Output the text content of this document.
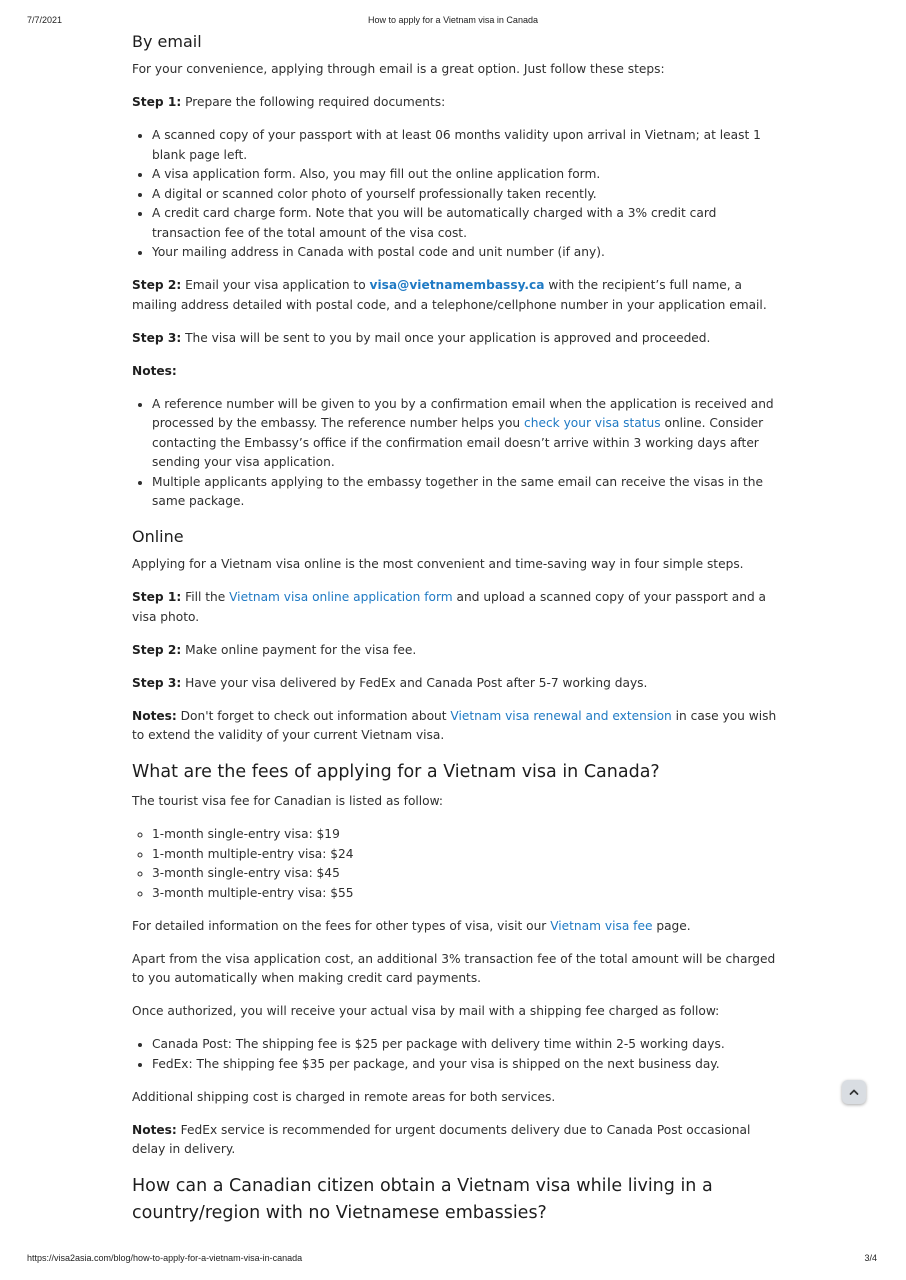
7/7/2021	How to apply for a Vietnam visa in Canada
By email

For your convenience, applying through email is a great option. Just follow these steps:

Step 1: Prepare the following required documents:

• A scanned copy of your passport with at least 06 months validity upon arrival in Vietnam; at least 1 blank page left.
• A visa application form. Also, you may fill out the online application form.
• A digital or scanned color photo of yourself professionally taken recently.
• A credit card charge form. Note that you will be automatically charged with a 3% credit card transaction fee of the total amount of the visa cost.
• Your mailing address in Canada with postal code and unit number (if any).

Step 2: Email your visa application to visa@vietnamembassy.ca with the recipient’s full name, a mailing address detailed with postal code, and a telephone/cellphone number in your application email.

Step 3: The visa will be sent to you by mail once your application is approved and proceeded.

Notes:

• A reference number will be given to you by a confirmation email when the application is received and processed by the embassy. The reference number helps you check your visa status online. Consider contacting the Embassy’s office if the confirmation email doesn’t arrive within 3 working days after sending your visa application.
• Multiple applicants applying to the embassy together in the same email can receive the visas in the same package.
Online

Applying for a Vietnam visa online is the most convenient and time-saving way in four simple steps.

Step 1: Fill the Vietnam visa online application form and upload a scanned copy of your passport and a visa photo.

Step 2: Make online payment for the visa fee.

Step 3: Have your visa delivered by FedEx and Canada Post after 5-7 working days.

Notes: Don't forget to check out information about Vietnam visa renewal and extension in case you wish to extend the validity of your current Vietnam visa.

What are the fees of applying for a Vietnam visa in Canada?

The tourist visa fee for Canadian is listed as follow:

◦ 1-month single-entry visa: $19
◦ 1-month multiple-entry visa: $24
◦ 3-month single-entry visa: $45
◦ 3-month multiple-entry visa: $55

For detailed information on the fees for other types of visa, visit our Vietnam visa fee page.

Apart from the visa application cost, an additional 3% transaction fee of the total amount will be charged to you automatically when making credit card payments.

Once authorized, you will receive your actual visa by mail with a shipping fee charged as follow:

• Canada Post: The shipping fee is $25 per package with delivery time within 2-5 working days.
• FedEx: The shipping fee $35 per package, and your visa is shipped on the next business day.

Additional shipping cost is charged in remote areas for both services.

Notes: FedEx service is recommended for urgent documents delivery due to Canada Post occasional delay in delivery.

How can a Canadian citizen obtain a Vietnam visa while living in a country/region with no Vietnamese embassies?
https://visa2asia.com/blog/how-to-apply-for-a-vietnam-visa-in-canada	3/4
